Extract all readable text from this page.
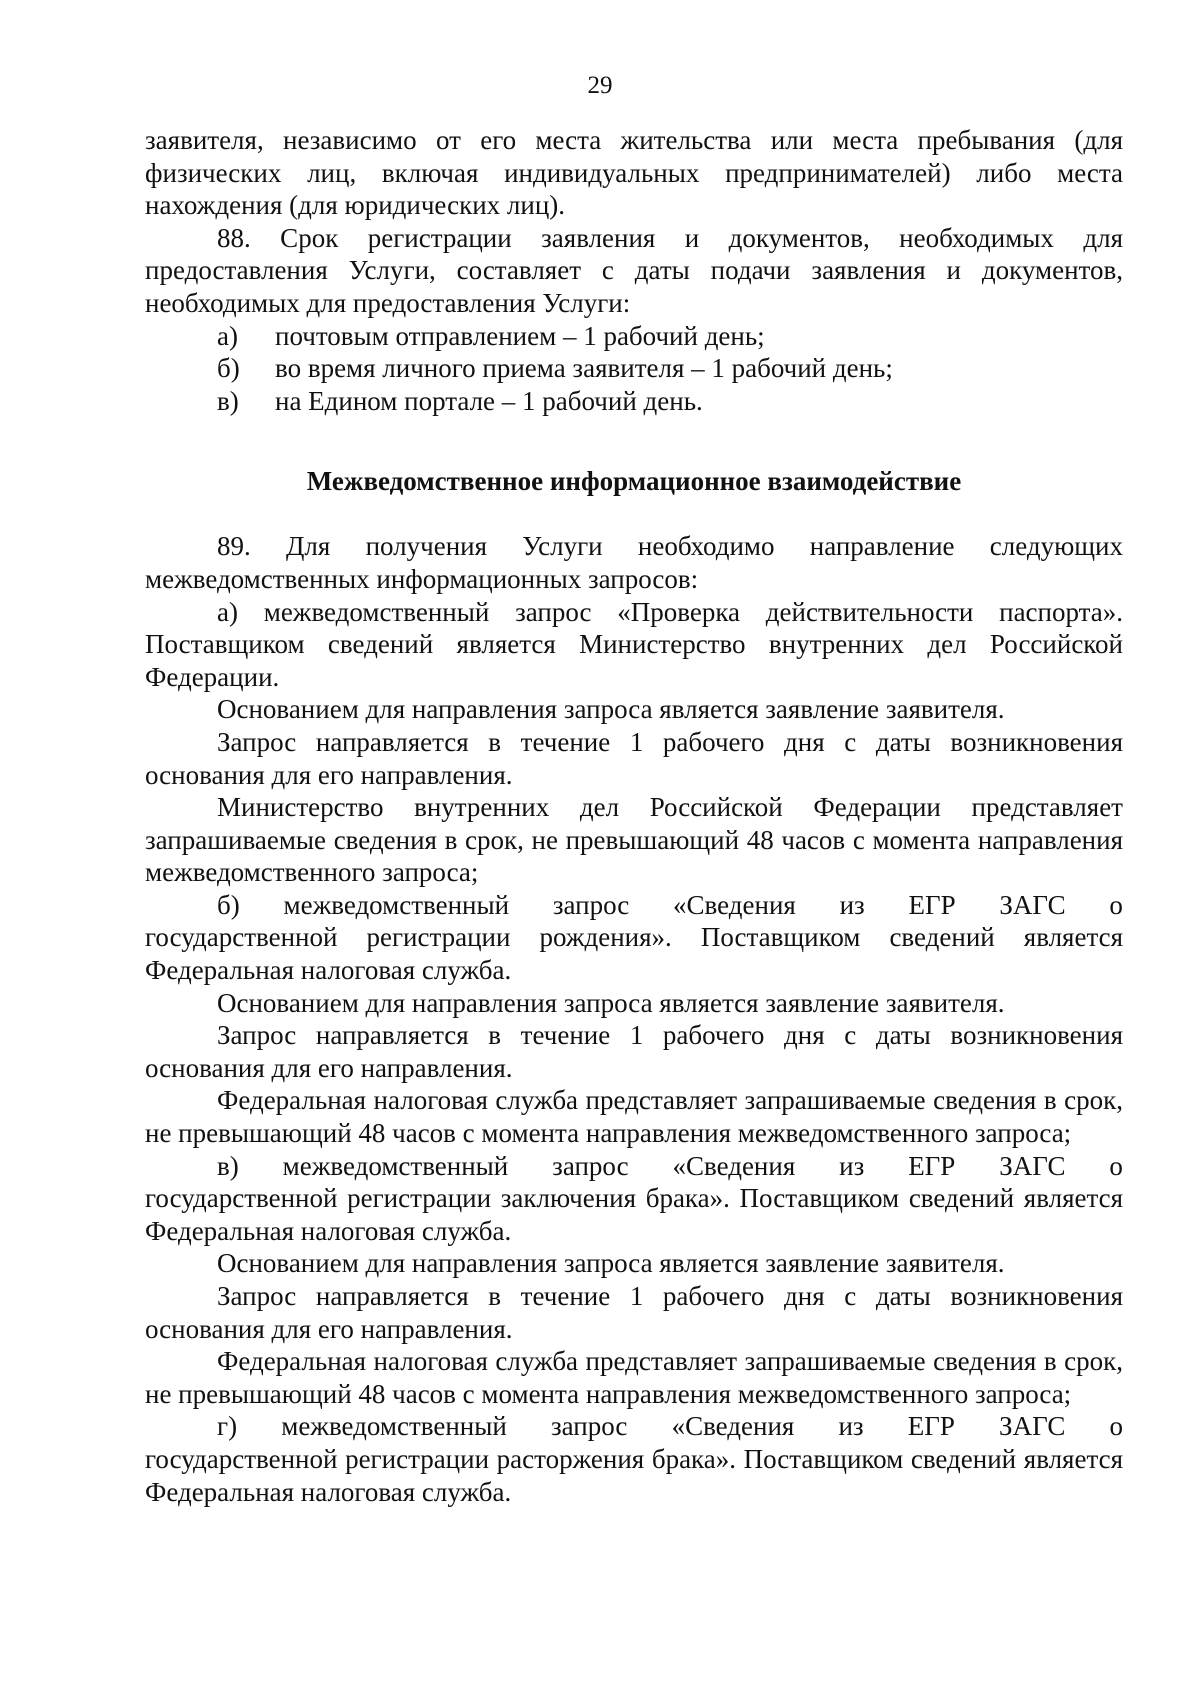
29

заявителя, независимо от его места жительства или места пребывания (для физических лиц, включая индивидуальных предпринимателей) либо места нахождения (для юридических лиц).

88. Срок регистрации заявления и документов, необходимых для предоставления Услуги, составляет с даты подачи заявления и документов, необходимых для предоставления Услуги:

а) почтовым отправлением – 1 рабочий день;
б) во время личного приема заявителя – 1 рабочий день;
в) на Едином портале – 1 рабочий день.
Межведомственное информационное взаимодействие

89. Для получения Услуги необходимо направление следующих межведомственных информационных запросов:

а) межведомственный запрос «Проверка действительности паспорта». Поставщиком сведений является Министерство внутренних дел Российской Федерации.

Основанием для направления запроса является заявление заявителя.

Запрос направляется в течение 1 рабочего дня с даты возникновения основания для его направления.

Министерство внутренних дел Российской Федерации представляет запрашиваемые сведения в срок, не превышающий 48 часов с момента направления межведомственного запроса;

б) межведомственный запрос «Сведения из ЕГР ЗАГС о

государственной регистрации рождения». Поставщиком сведений является Федеральная налоговая служба.

Основанием для направления запроса является заявление заявителя.

Запрос направляется в течение 1 рабочего дня с даты возникновения основания для его направления.

Федеральная налоговая служба представляет запрашиваемые сведения в срок, не превышающий 48 часов с момента направления межведомственного запроса;

в) межведомственный запрос «Сведения из ЕГР ЗАГС о

государственной регистрации заключения брака». Поставщиком сведений является Федеральная налоговая служба.

Основанием для направления запроса является заявление заявителя.

Запрос направляется в течение 1 рабочего дня с даты возникновения основания для его направления.

Федеральная налоговая служба представляет запрашиваемые сведения в срок, не превышающий 48 часов с момента направления межведомственного запроса;

г) межведомственный запрос «Сведения из ЕГР ЗАГС о

государственной регистрации расторжения брака». Поставщиком сведений является Федеральная налоговая служба.
